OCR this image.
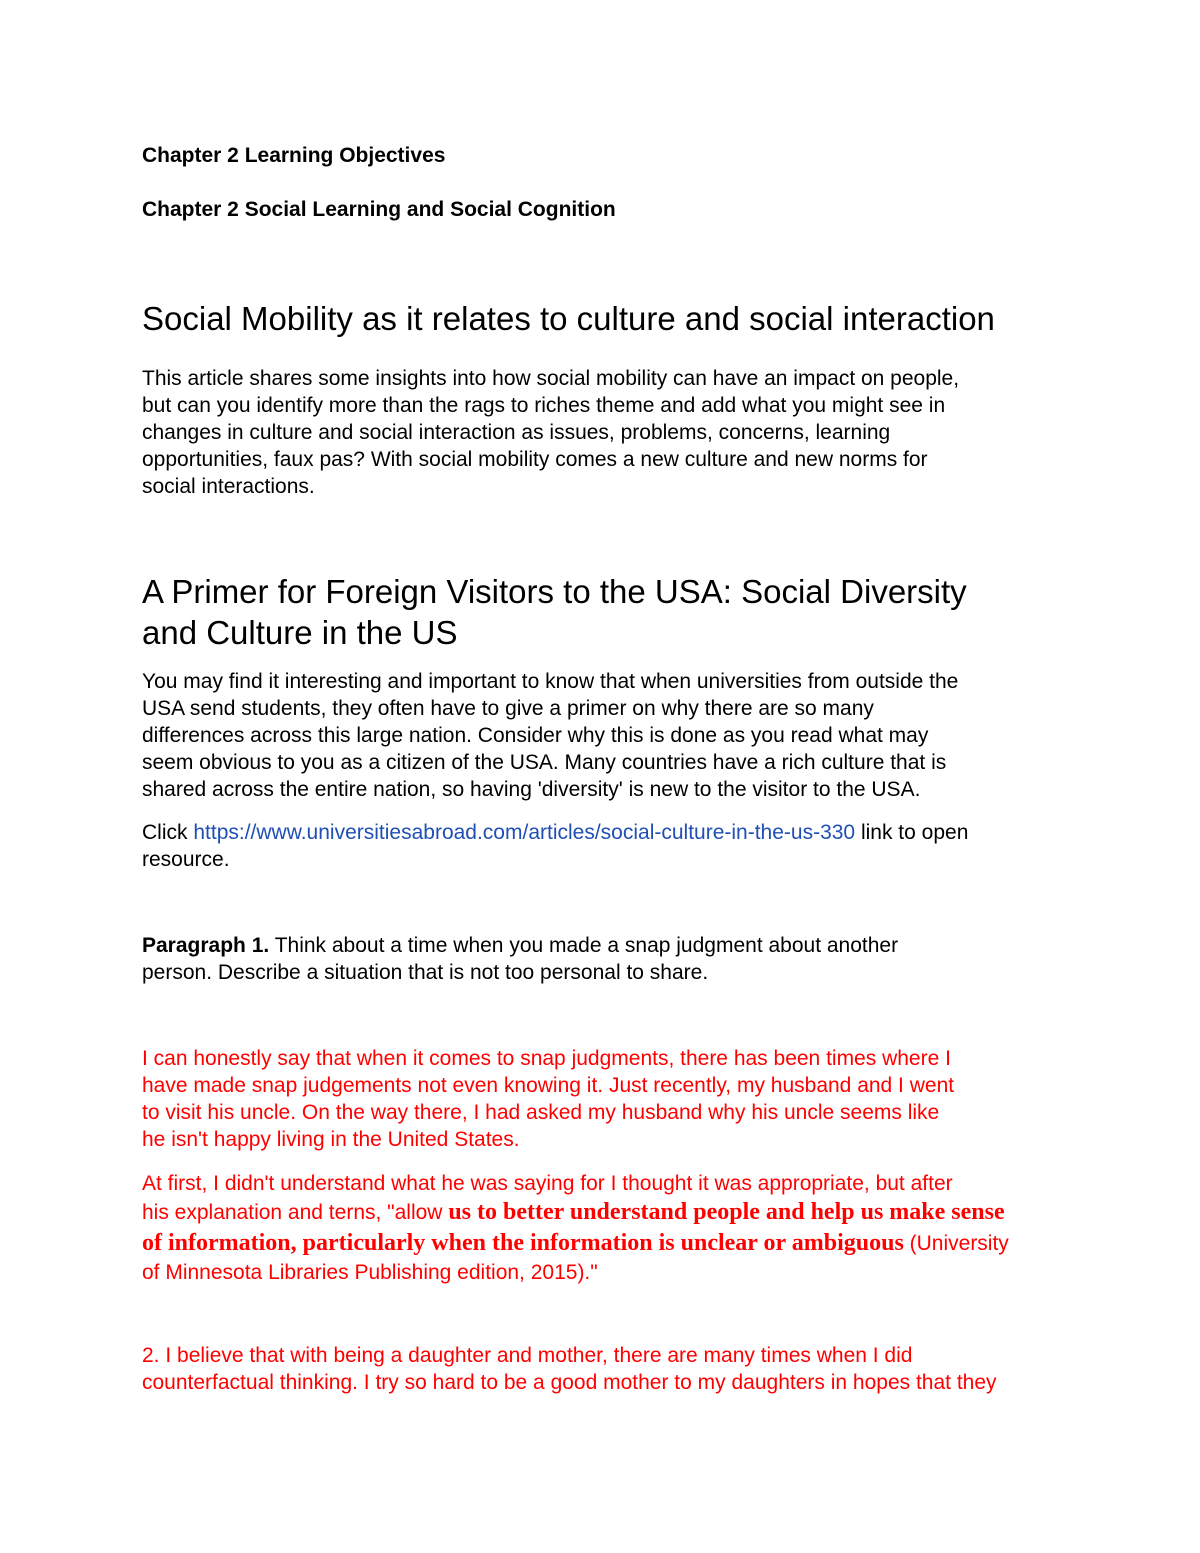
Chapter 2 Learning Objectives
Chapter 2 Social Learning and Social Cognition
Social Mobility as it relates to culture and social interaction
This article shares some insights into how social mobility can have an impact on people,
but can you identify more than the rags to riches theme and add what you might see in
changes in culture and social interaction as issues, problems, concerns, learning
opportunities, faux pas? With social mobility comes a new culture and new norms for
social interactions.
A Primer for Foreign Visitors to the USA: Social Diversity
and Culture in the US
You may find it interesting and important to know that when universities from outside the
USA send students, they often have to give a primer on why there are so many
differences across this large nation. Consider why this is done as you read what may
seem obvious to you as a citizen of the USA. Many countries have a rich culture that is
shared across the entire nation, so having 'diversity' is new to the visitor to the USA.
Click https://www.universitiesabroad.com/articles/social-culture-in-the-us-330 link to open
resource.
Paragraph 1. Think about a time when you made a snap judgment about another
person. Describe a situation that is not too personal to share.
I can honestly say that when it comes to snap judgments, there has been times where I
have made snap judgements not even knowing it. Just recently, my husband and I went
to visit his uncle. On the way there, I had asked my husband why his uncle seems like
he isn't happy living in the United States.
At first, I didn't understand what he was saying for I thought it was appropriate, but after
his explanation and terns, "allow us to better understand people and help us make sense
of information, particularly when the information is unclear or ambiguous (University
of Minnesota Libraries Publishing edition, 2015)."
2. I believe that with being a daughter and mother, there are many times when I did
counterfactual thinking. I try so hard to be a good mother to my daughters in hopes that they
